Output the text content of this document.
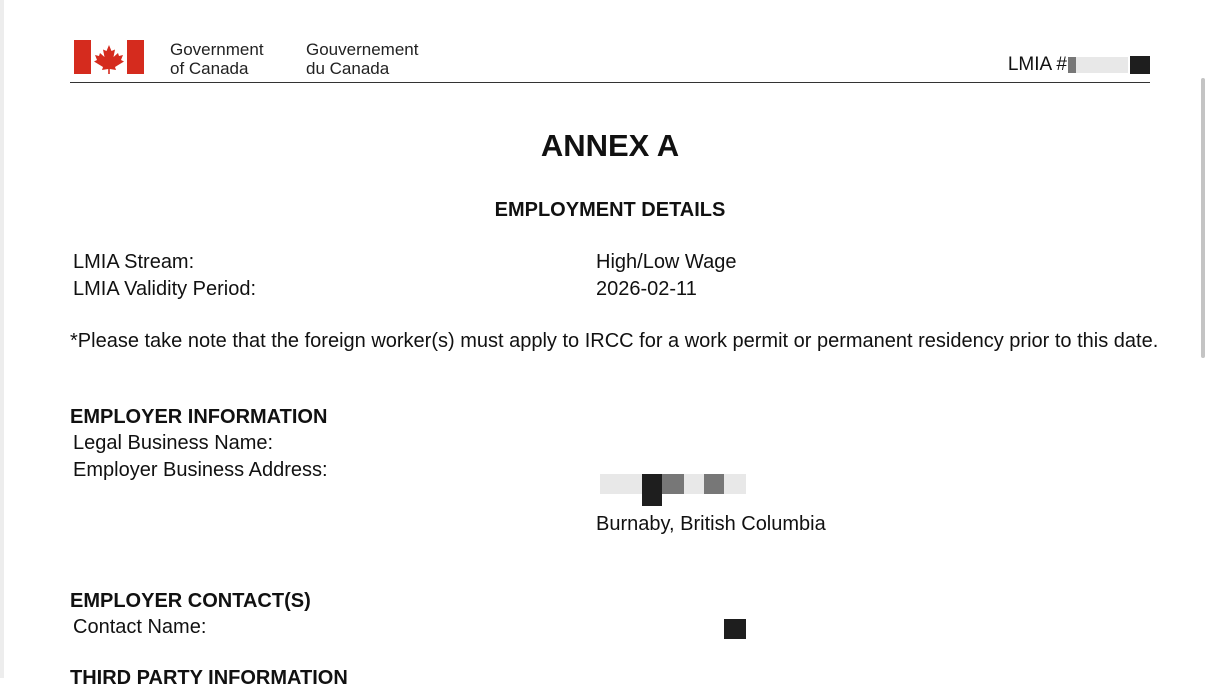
Government
of Canada
Gouvernement
du Canada	LMIA #
ANNEX A
EMPLOYMENT DETAILS
LMIA Stream:	High/Low Wage
LMIA Validity Period:	2026-02-11
*Please take note that the foreign worker(s) must apply to IRCC for a work permit or permanent residency prior to this date.
EMPLOYER INFORMATION
Legal Business Name:
Employer Business Address:
Burnaby, British Columbia
EMPLOYER CONTACT(S)
Contact Name:
THIRD PARTY INFORMATION
